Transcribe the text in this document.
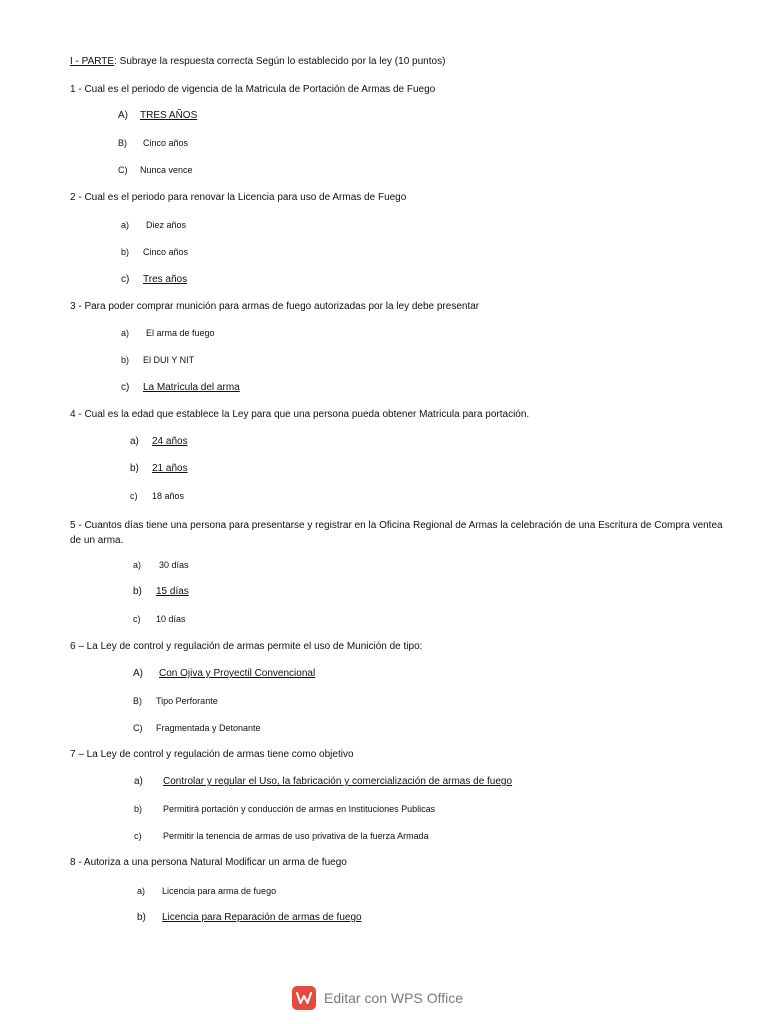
I - PARTE: Subraye la respuesta correcta Según lo establecido por la ley (10 puntos)
1 - Cual es el periodo de vigencia de la Matricula de Portación de Armas de Fuego
A) TRES AÑOS
B) Cinco años
C) Nunca vence
2 - Cual es el periodo para renovar la Licencia para uso de Armas de Fuego
a) Diez años
b) Cinco años
c) Tres años
3 - Para poder comprar munición para armas de fuego autorizadas por la ley debe presentar
a) El arma de fuego
b) El DUI Y NIT
c) La Matrícula del arma
4 - Cual es la edad que establece la Ley para que una persona pueda obtener Matricula para portación.
a) 24 años
b) 21 años
c) 18 años
5 - Cuantos días tiene una persona para presentarse y registrar en la Oficina Regional de Armas la celebración de una Escritura de Compra ventea de un arma.
a) 30 días
b) 15 días
c) 10 días
6 – La Ley de control y regulación de armas permite el uso de Munición de tipo:
A) Con Ojiva y Proyectil Convencional
B) Tipo Perforante
C) Fragmentada y Detonante
7 – La Ley de control y regulación de armas tiene como objetivo
a) Controlar y regular el Uso, la fabricación y comercialización de armas de fuego
b) Permitirá portación y conducción de armas en Instituciones Publicas
c) Permitir la tenencia de armas de uso privativa de la fuerza Armada
8 - Autoriza a una persona Natural Modificar un arma de fuego
a) Licencia para arma de fuego
b) Licencia para Reparación de armas de fuego
Editar con WPS Office
